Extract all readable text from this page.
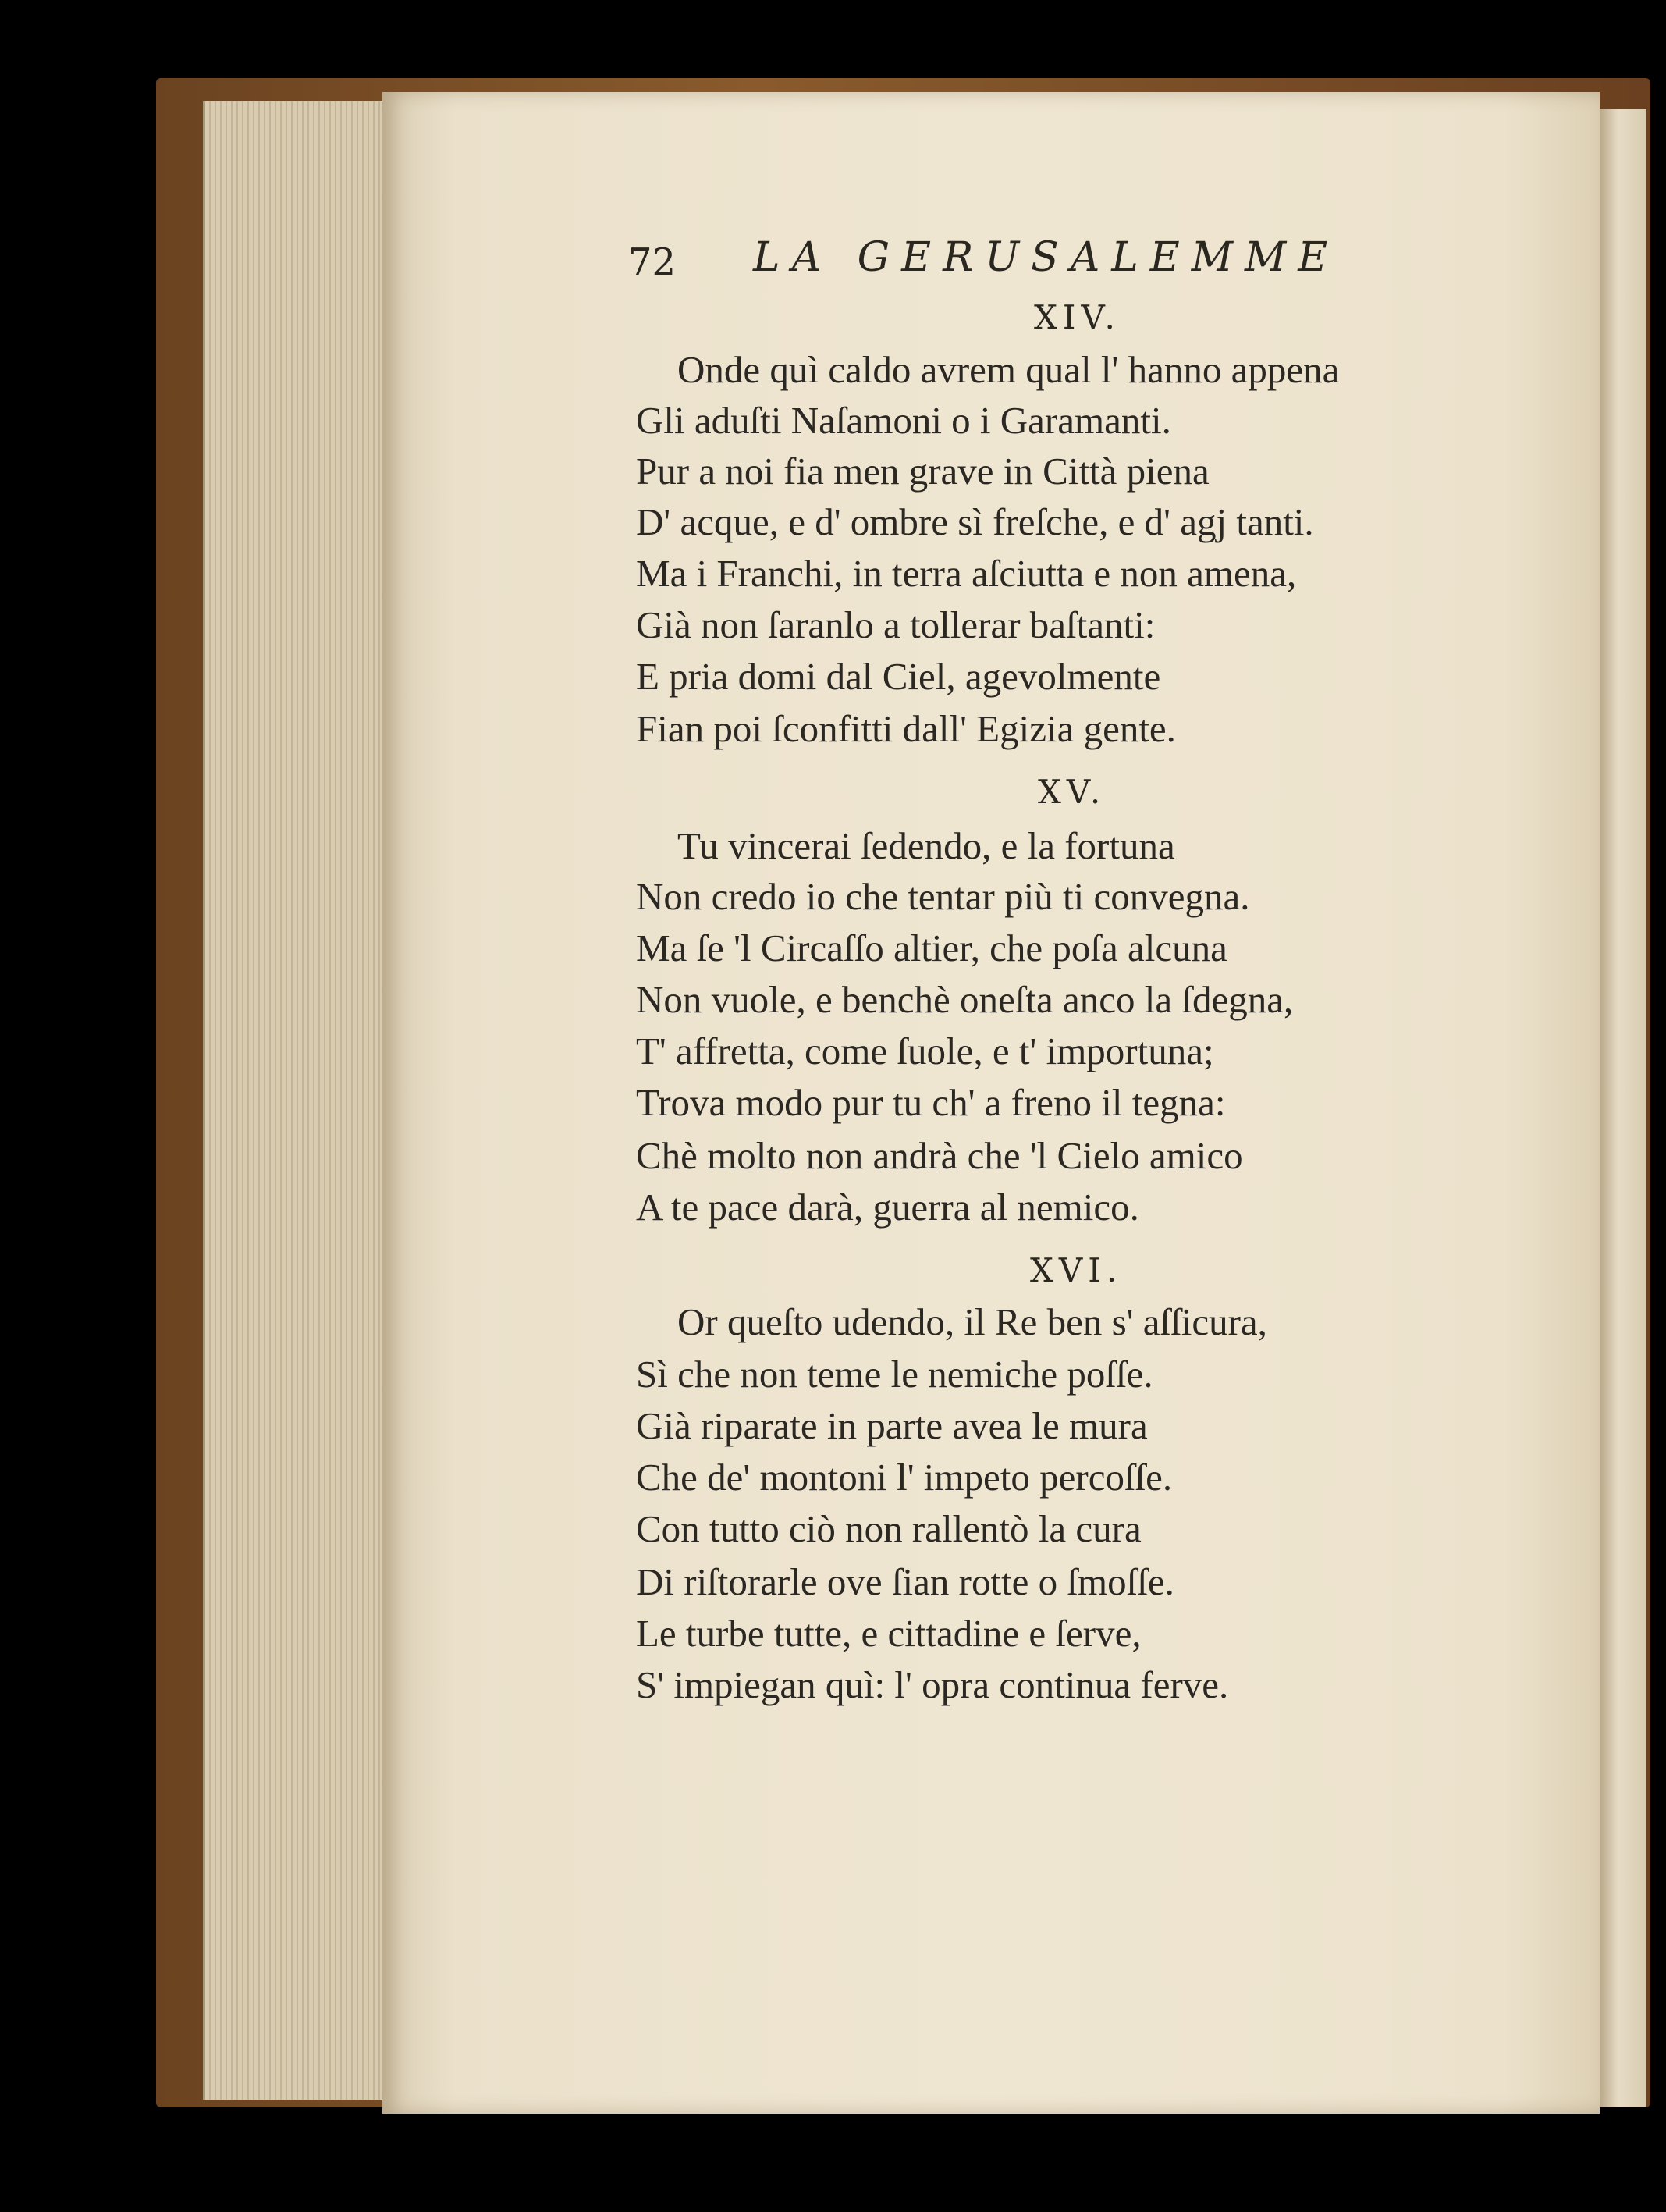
72 LA GERUSALEMME
XIV.
Onde quì caldo avrem qual l' hanno appena
Gli aduſti Naſamoni o i Garamanti.
Pur a noi fia men grave in Città piena
D' acque, e d' ombre sì freſche, e d' agj tanti.
Ma i Franchi, in terra aſciutta e non amena,
Già non ſaranlo a tollerar baſtanti:
E pria domi dal Ciel, agevolmente
Fian poi ſconfitti dall' Egizia gente.
XV.
Tu vincerai ſedendo, e la fortuna
Non credo io che tentar più ti convegna.
Ma ſe 'l Circaſſo altier, che poſa alcuna
Non vuole, e benchè oneſta anco la ſdegna,
T' affretta, come ſuole, e t' importuna;
Trova modo pur tu ch' a freno il tegna:
Chè molto non andrà che 'l Cielo amico
A te pace darà, guerra al nemico.
XVI.
Or queſto udendo, il Re ben s' aſſicura,
Sì che non teme le nemiche poſſe.
Già riparate in parte avea le mura
Che de' montoni l' impeto percoſſe.
Con tutto ciò non rallentò la cura
Di riſtorarle ove ſian rotte o ſmoſſe.
Le turbe tutte, e cittadine e ſerve,
S' impiegan quì: l' opra continua ferve.
